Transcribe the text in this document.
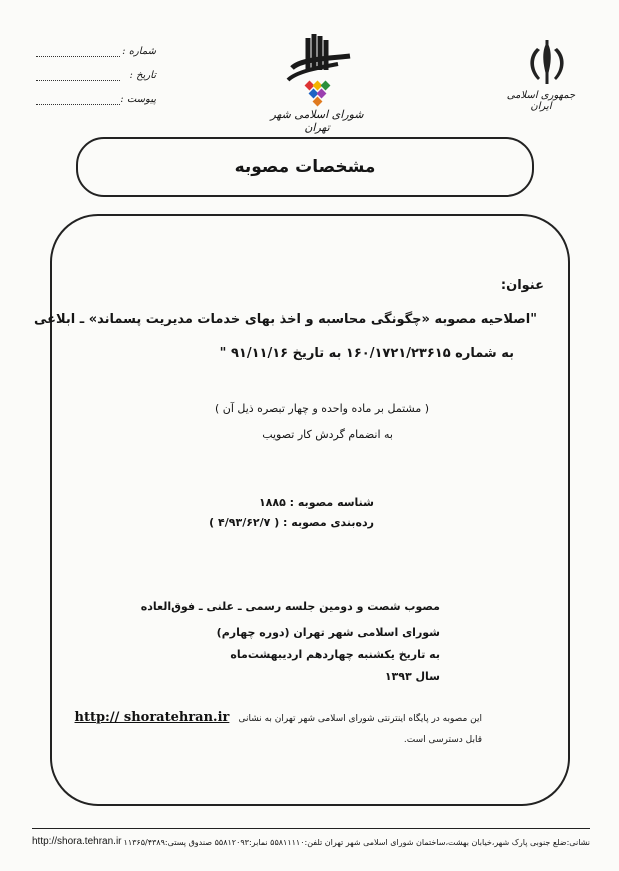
جمهوری اسلامی ایران
شورای اسلامی شهر تهران
شماره :
تاریخ :
پیوست :
مشخصات مصوبه
عنوان:
"اصلاحیه مصوبه «چگونگی محاسبه و اخذ بهای خدمات مدیریت پسماند» ـ ابلاغی
به شماره ۱۶۰/۱۷۲۱/۲۳۶۱۵ به تاریخ ۹۱/۱۱/۱۶ "
( مشتمل بر ماده واحده و چهار تبصره ذیل آن )
به انضمام گردش کار تصویب
شناسه مصوبه : ۱۸۸۵
رده‌بندی مصوبه : ( ۴/۹۳/۶۲/۷ )
مصوب شصت و دومین جلسه رسمی ـ علنی ـ فوق‌العاده
شورای اسلامی شهر تهران (دوره چهارم)
به تاریخ یکشنبه چهاردهم اردیبهشت‌ماه
سال ۱۳۹۳
این مصوبه در پایگاه اینترنتی شورای اسلامی شهر تهران به نشانی http:// shoratehran.ir
قابل دسترسی است.
نشانی:ضلع جنوبی پارک شهر،خیابان بهشت،ساختمان شورای اسلامی شهر تهران تلفن:۵۵۸۱۱۱۱۰ نمابر:۵۵۸۱۲۰۹۳ صندوق پستی:۱۱۳۶۵/۴۳۸۹
http://shora.tehran.ir
